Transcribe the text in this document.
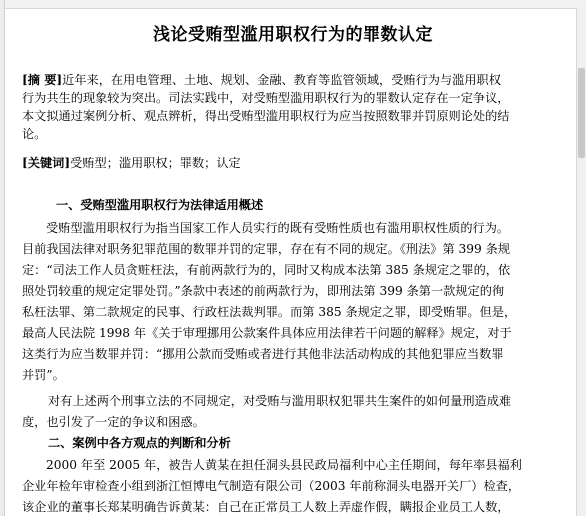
浅论受贿型滥用职权行为的罪数认定
[摘 要]近年来，在用电管理、土地、规划、金融、教育等监管领域，受贿行为与滥用职权
行为共生的现象较为突出。司法实践中，对受贿型滥用职权行为的罪数认定存在一定争议，
本文拟通过案例分析、观点辨析，得出受贿型滥用职权行为应当按照数罪并罚原则论处的结
论。
[关键词]受贿型；滥用职权；罪数；认定
一、受贿型滥用职权行为法律适用概述
受贿型滥用职权行为指当国家工作人员实行的既有受贿性质也有滥用职权性质的行为。
目前我国法律对职务犯罪范围的数罪并罚的定罪，存在有不同的规定。《刑法》第 399 条规
定：“司法工作人员贪赃枉法，有前两款行为的，同时又构成本法第 385 条规定之罪的，依
照处罚较重的规定定罪处罚。”条款中表述的前两款行为，即刑法第 399 条第一款规定的徇
私枉法罪、第二款规定的民事、行政枉法裁判罪。而第 385 条规定之罪，即受贿罪。但是，
最高人民法院 1998 年《关于审理挪用公款案件具体应用法律若干问题的解释》规定，对于
这类行为应当数罪并罚：“挪用公款而受贿或者进行其他非法活动构成的其他犯罪应当数罪
并罚”。
对有上述两个刑事立法的不同规定，对受贿与滥用职权犯罪共生案件的如何量刑造成难
度，也引发了一定的争议和困惑。
二、案例中各方观点的判断和分析
2000 年至 2005 年，被告人黄某在担任洞头县民政局福利中心主任期间，每年率县福利
企业年检年审检查小组到浙江恒博电气制造有限公司（2003 年前称洞头电器开关厂）检查，
该企业的董事长郑某明确告诉黄某：自己在正常员工人数上弄虚作假，瞒报企业员工人数，
